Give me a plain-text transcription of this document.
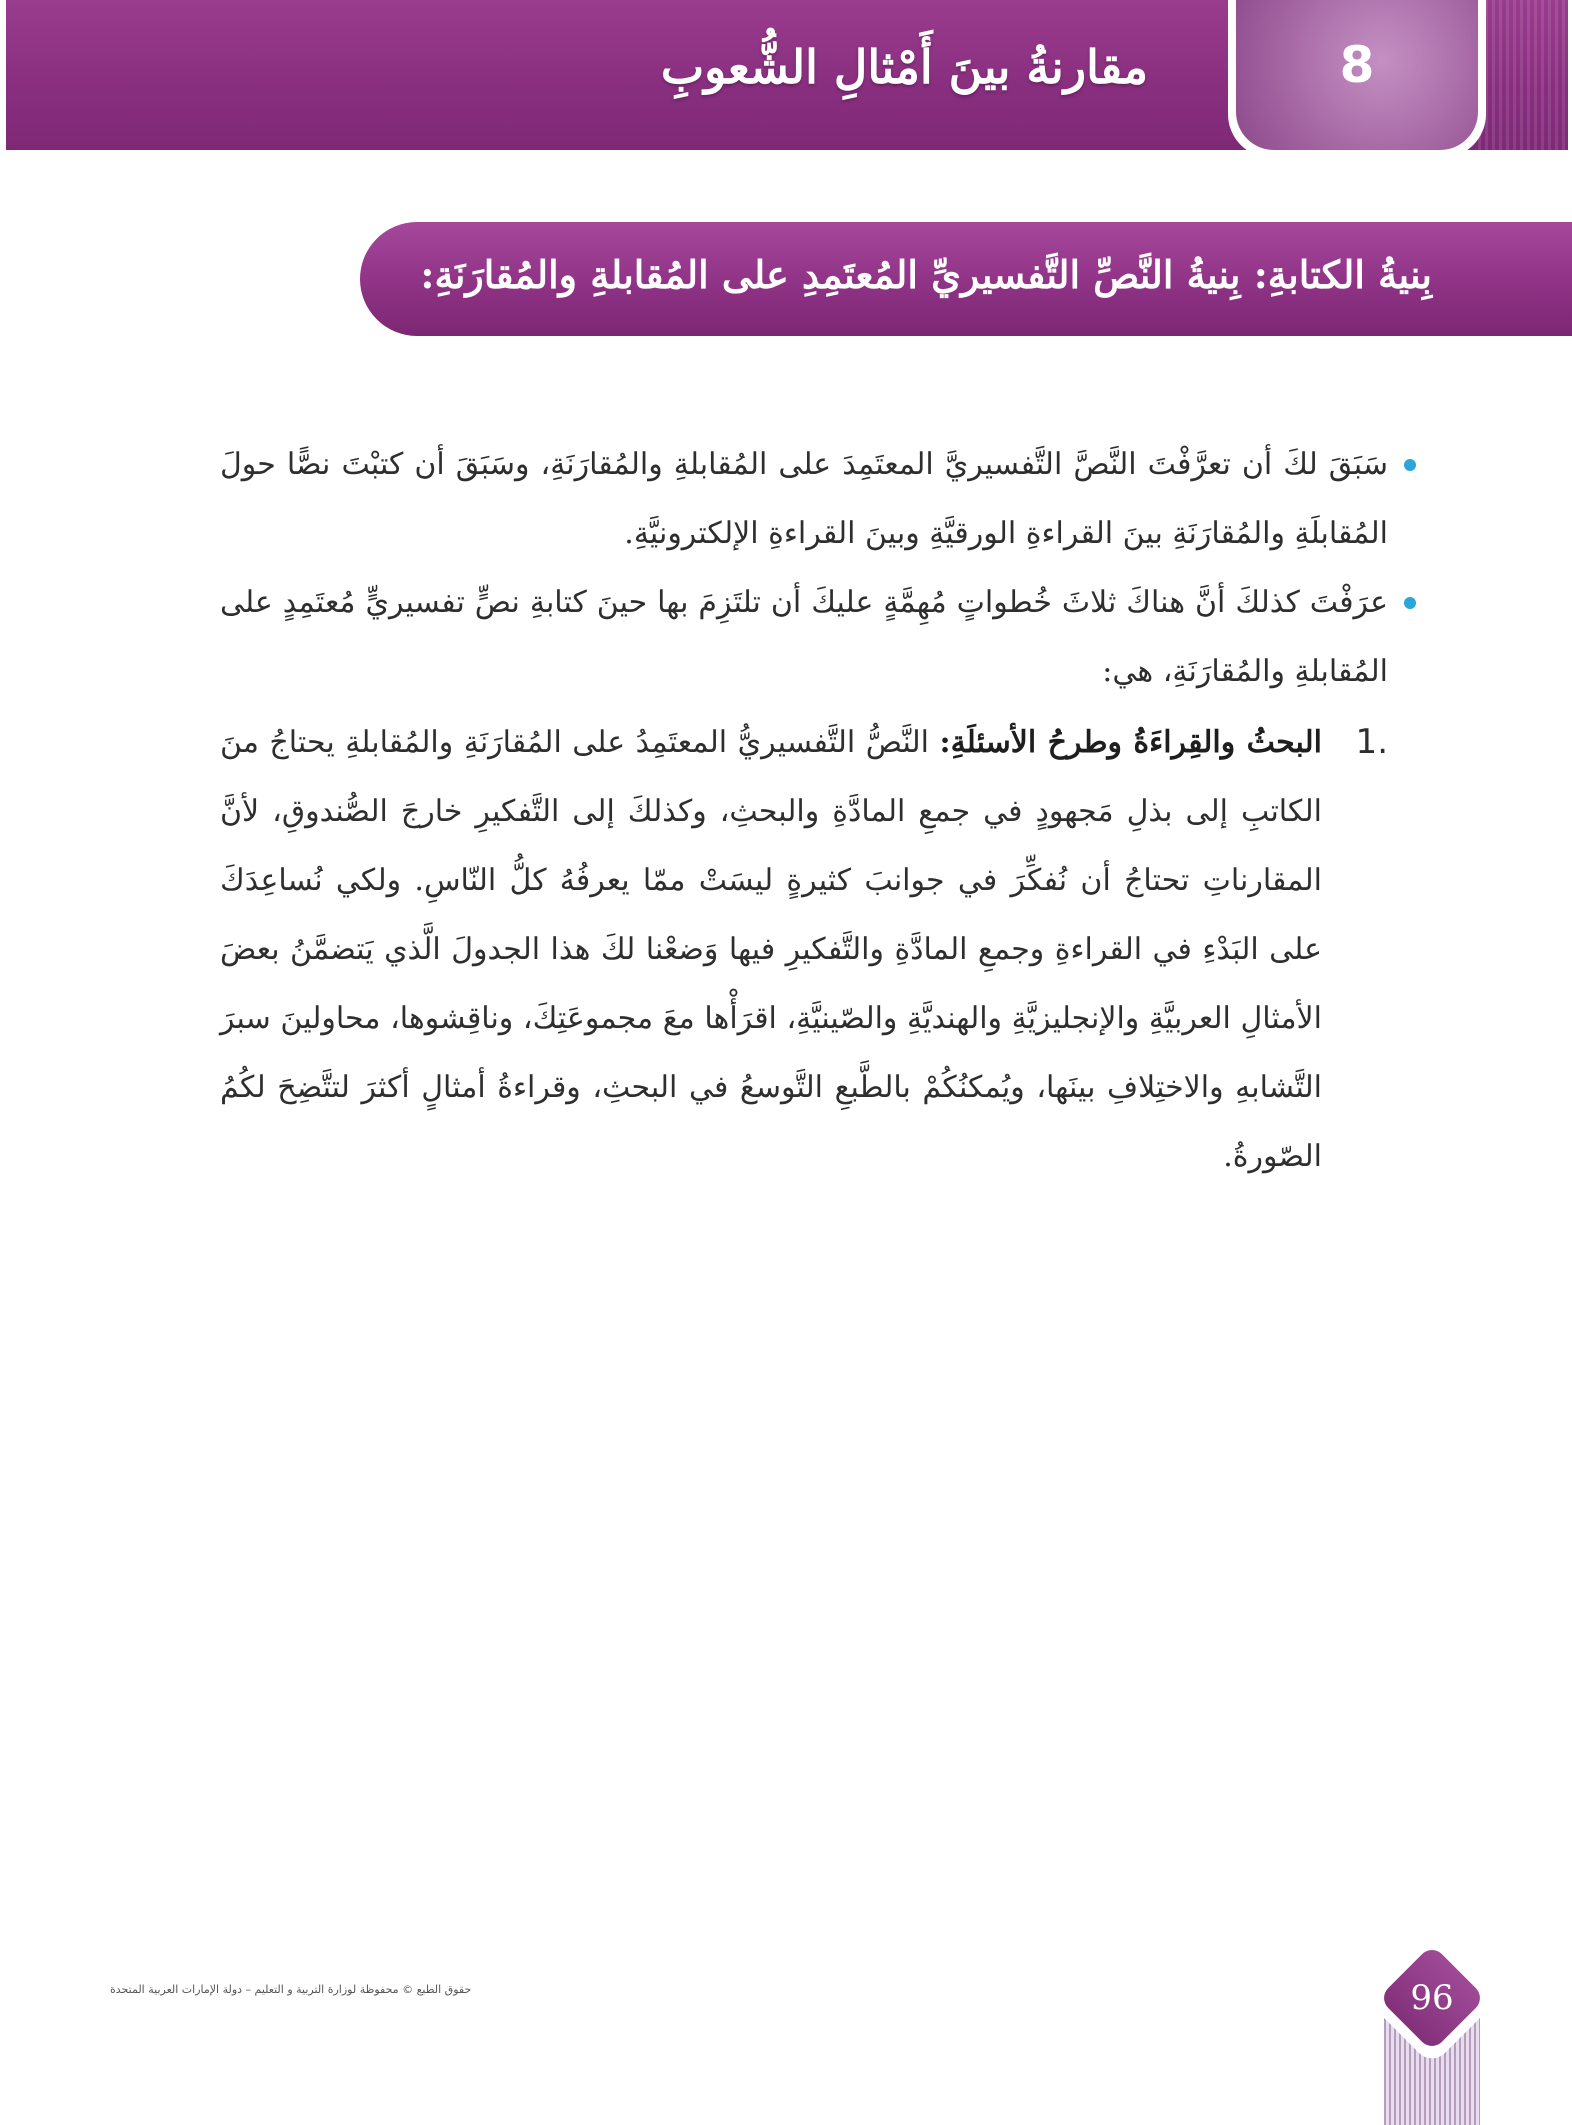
مقارنةُ بينَ أَمْثالِ الشُّعوبِ	8
بِنيةُ الكتابةِ: بِنيةُ النَّصِّ التَّفسيريِّ المُعتَمِدِ على المُقابلةِ والمُقارَنَةِ:

سَبَقَ لكَ أن تعرَّفْتَ النَّصَّ التَّفسيريَّ المعتَمِدَ على المُقابلةِ والمُقارَنَةِ، وسَبَقَ أن كتبْتَ نصًّا حولَ المُقابلَةِ والمُقارَنَةِ بينَ القراءةِ الورقيَّةِ وبينَ القراءةِ الإلكترونيَّةِ.

عرَفْتَ كذلكَ أنَّ هناكَ ثلاثَ خُطواتٍ مُهِمَّةٍ عليكَ أن تلتَزِمَ بها حينَ كتابةِ نصٍّ تفسيريٍّ مُعتَمِدٍ على المُقابلةِ والمُقارَنَةِ، هي:

.1
البحثُ والقِراءَةُ وطرحُ الأسئلَةِ: النَّصُّ التَّفسيريُّ المعتَمِدُ على المُقارَنَةِ والمُقابلةِ يحتاجُ منَ الكاتبِ إلى بذلِ مَجهودٍ في جمعِ المادَّةِ والبحثِ، وكذلكَ إلى التَّفكيرِ خارجَ الصُّندوقِ، لأنَّ المقارناتِ تحتاجُ أن نُفكِّرَ في جوانبَ كثيرةٍ ليسَتْ ممّا يعرفُهُ كلُّ النّاسِ. ولكي نُساعِدَكَ على البَدْءِ في القراءةِ وجمعِ المادَّةِ والتَّفكيرِ فيها وَضعْنا لكَ هذا الجدولَ الَّذي يَتضمَّنُ بعضَ الأمثالِ العربيَّةِ والإنجليزيَّةِ والهنديَّةِ والصّينيَّةِ، اقرَأْها معَ مجموعَتِكَ، وناقِشوها، محاولينَ سبرَ التَّشابهِ والاختِلافِ بينَها، ويُمكنُكُمْ بالطَّبعِ التَّوسعُ في البحثِ، وقراءةُ أمثالٍ أكثرَ لتتَّضِحَ لكُمُ الصّورةُ.

حقوق الطبع © محفوظة لوزارة التربية و التعليم – دولة الإمارات العربية المتحدة	96
